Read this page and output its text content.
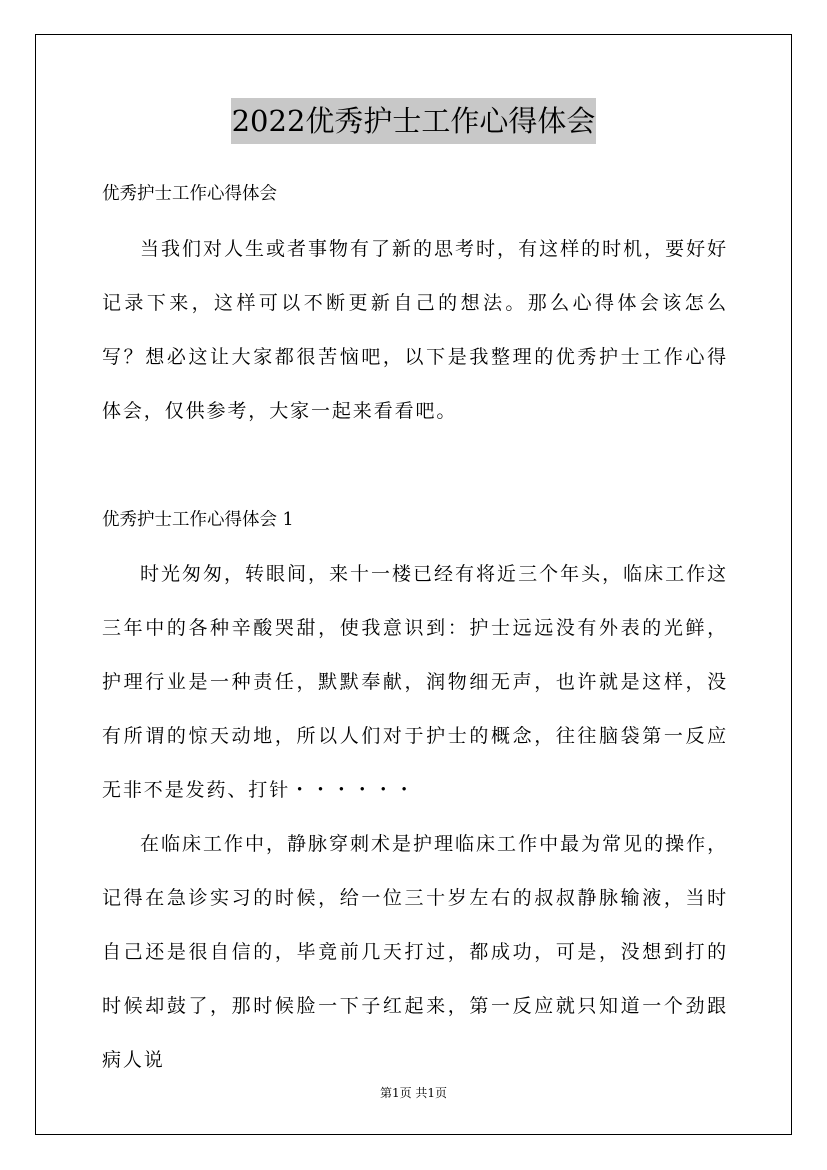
2022优秀护士工作心得体会
优秀护士工作心得体会

当我们对人生或者事物有了新的思考时，有这样的时机，要好好记录下来，这样可以不断更新自己的想法。那么心得体会该怎么写？想必这让大家都很苦恼吧，以下是我整理的优秀护士工作心得体会，仅供参考，大家一起来看看吧。

优秀护士工作心得体会 1

时光匆匆，转眼间，来十一楼已经有将近三个年头，临床工作这三年中的各种辛酸哭甜，使我意识到：护士远远没有外表的光鲜，护理行业是一种责任，默默奉献，润物细无声，也许就是这样，没有所谓的惊天动地，所以人们对于护士的概念，往往脑袋第一反应无非不是发药、打针・・・・・・

在临床工作中，静脉穿刺术是护理临床工作中最为常见的操作，记得在急诊实习的时候，给一位三十岁左右的叔叔静脉输液，当时自己还是很自信的，毕竟前几天打过，都成功，可是，没想到打的时候却鼓了，那时候脸一下子红起来，第一反应就只知道一个劲跟病人说

第1页 共1页
